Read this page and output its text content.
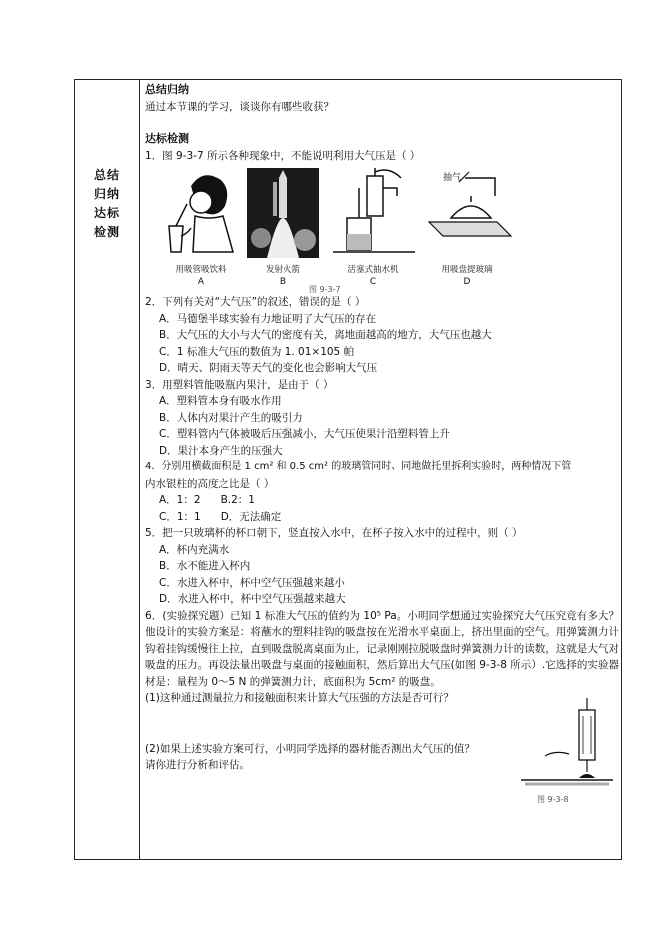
总结
归纳
达标
检测
总结归纳
通过本节课的学习，谈谈你有哪些收获？
达标检测
1．图 9-3-7 所示各种现象中，不能说明利用大气压是（ ）
抽气
用吸管吸饮料	发射火箭	活塞式抽水机	用吸盘提玻璃
A	B	C	D
图 9-3-7
2．下列有关对“大气压”的叙述，错误的是（ ）
A．马德堡半球实验有力地证明了大气压的存在
B．大气压的大小与大气的密度有关，离地面越高的地方，大气压也越大
C．1 标准大气压的数值为 1. 01×105 帕
D．晴天、阴雨天等天气的变化也会影响大气压
3．用塑料管能吸瓶内果汁，是由于（ ）
A．塑料管本身有吸水作用
B．人体内对果汁产生的吸引力
C．塑料管内气体被吸后压强减小，大气压使果汁沿塑料管上升
D．果汁本身产生的压强大
4．分别用横截面积是 1 cm² 和 0.5 cm² 的玻璃管同时、同地做托里拆利实验时，两种情况下管
内水银柱的高度之比是（ ）
A．1：2      B.2：1
C．1：1      D．无法确定
5．把一只玻璃杯的杯口朝下，竖直按入水中，在杯子按入水中的过程中，则（ ）
A．杯内充满水
B．水不能进入杯内
C．水进入杯中，杯中空气压强越来越小
D．水进入杯中，杯中空气压强越来越大
6．(实验探究题）已知 1 标准大气压的值约为 10⁵ Pa。小明同学想通过实验探究大气压究竟有多大？他设计的实验方案是：将蘸水的塑料挂钩的吸盘按在光滑水平桌面上，挤出里面的空气。用弹簧测力计钩着挂钩缓慢往上拉，直到吸盘脱离桌面为止，记录刚刚拉脱吸盘时弹簧测力计的读数，这就是大气对吸盘的压力。再设法量出吸盘与桌面的接触面积，然后算出大气压(如图 9-3-8 所示）.它选择的实验器材是：量程为 0～5 N 的弹簧测力计，底面积为 5cm² 的吸盘。
(1)这种通过测量拉力和接触面积来计算大气压强的方法是否可行？
(2)如果上述实验方案可行，小明同学选择的器材能否测出大气压的值？
请你进行分析和评估。
图 9-3-8
